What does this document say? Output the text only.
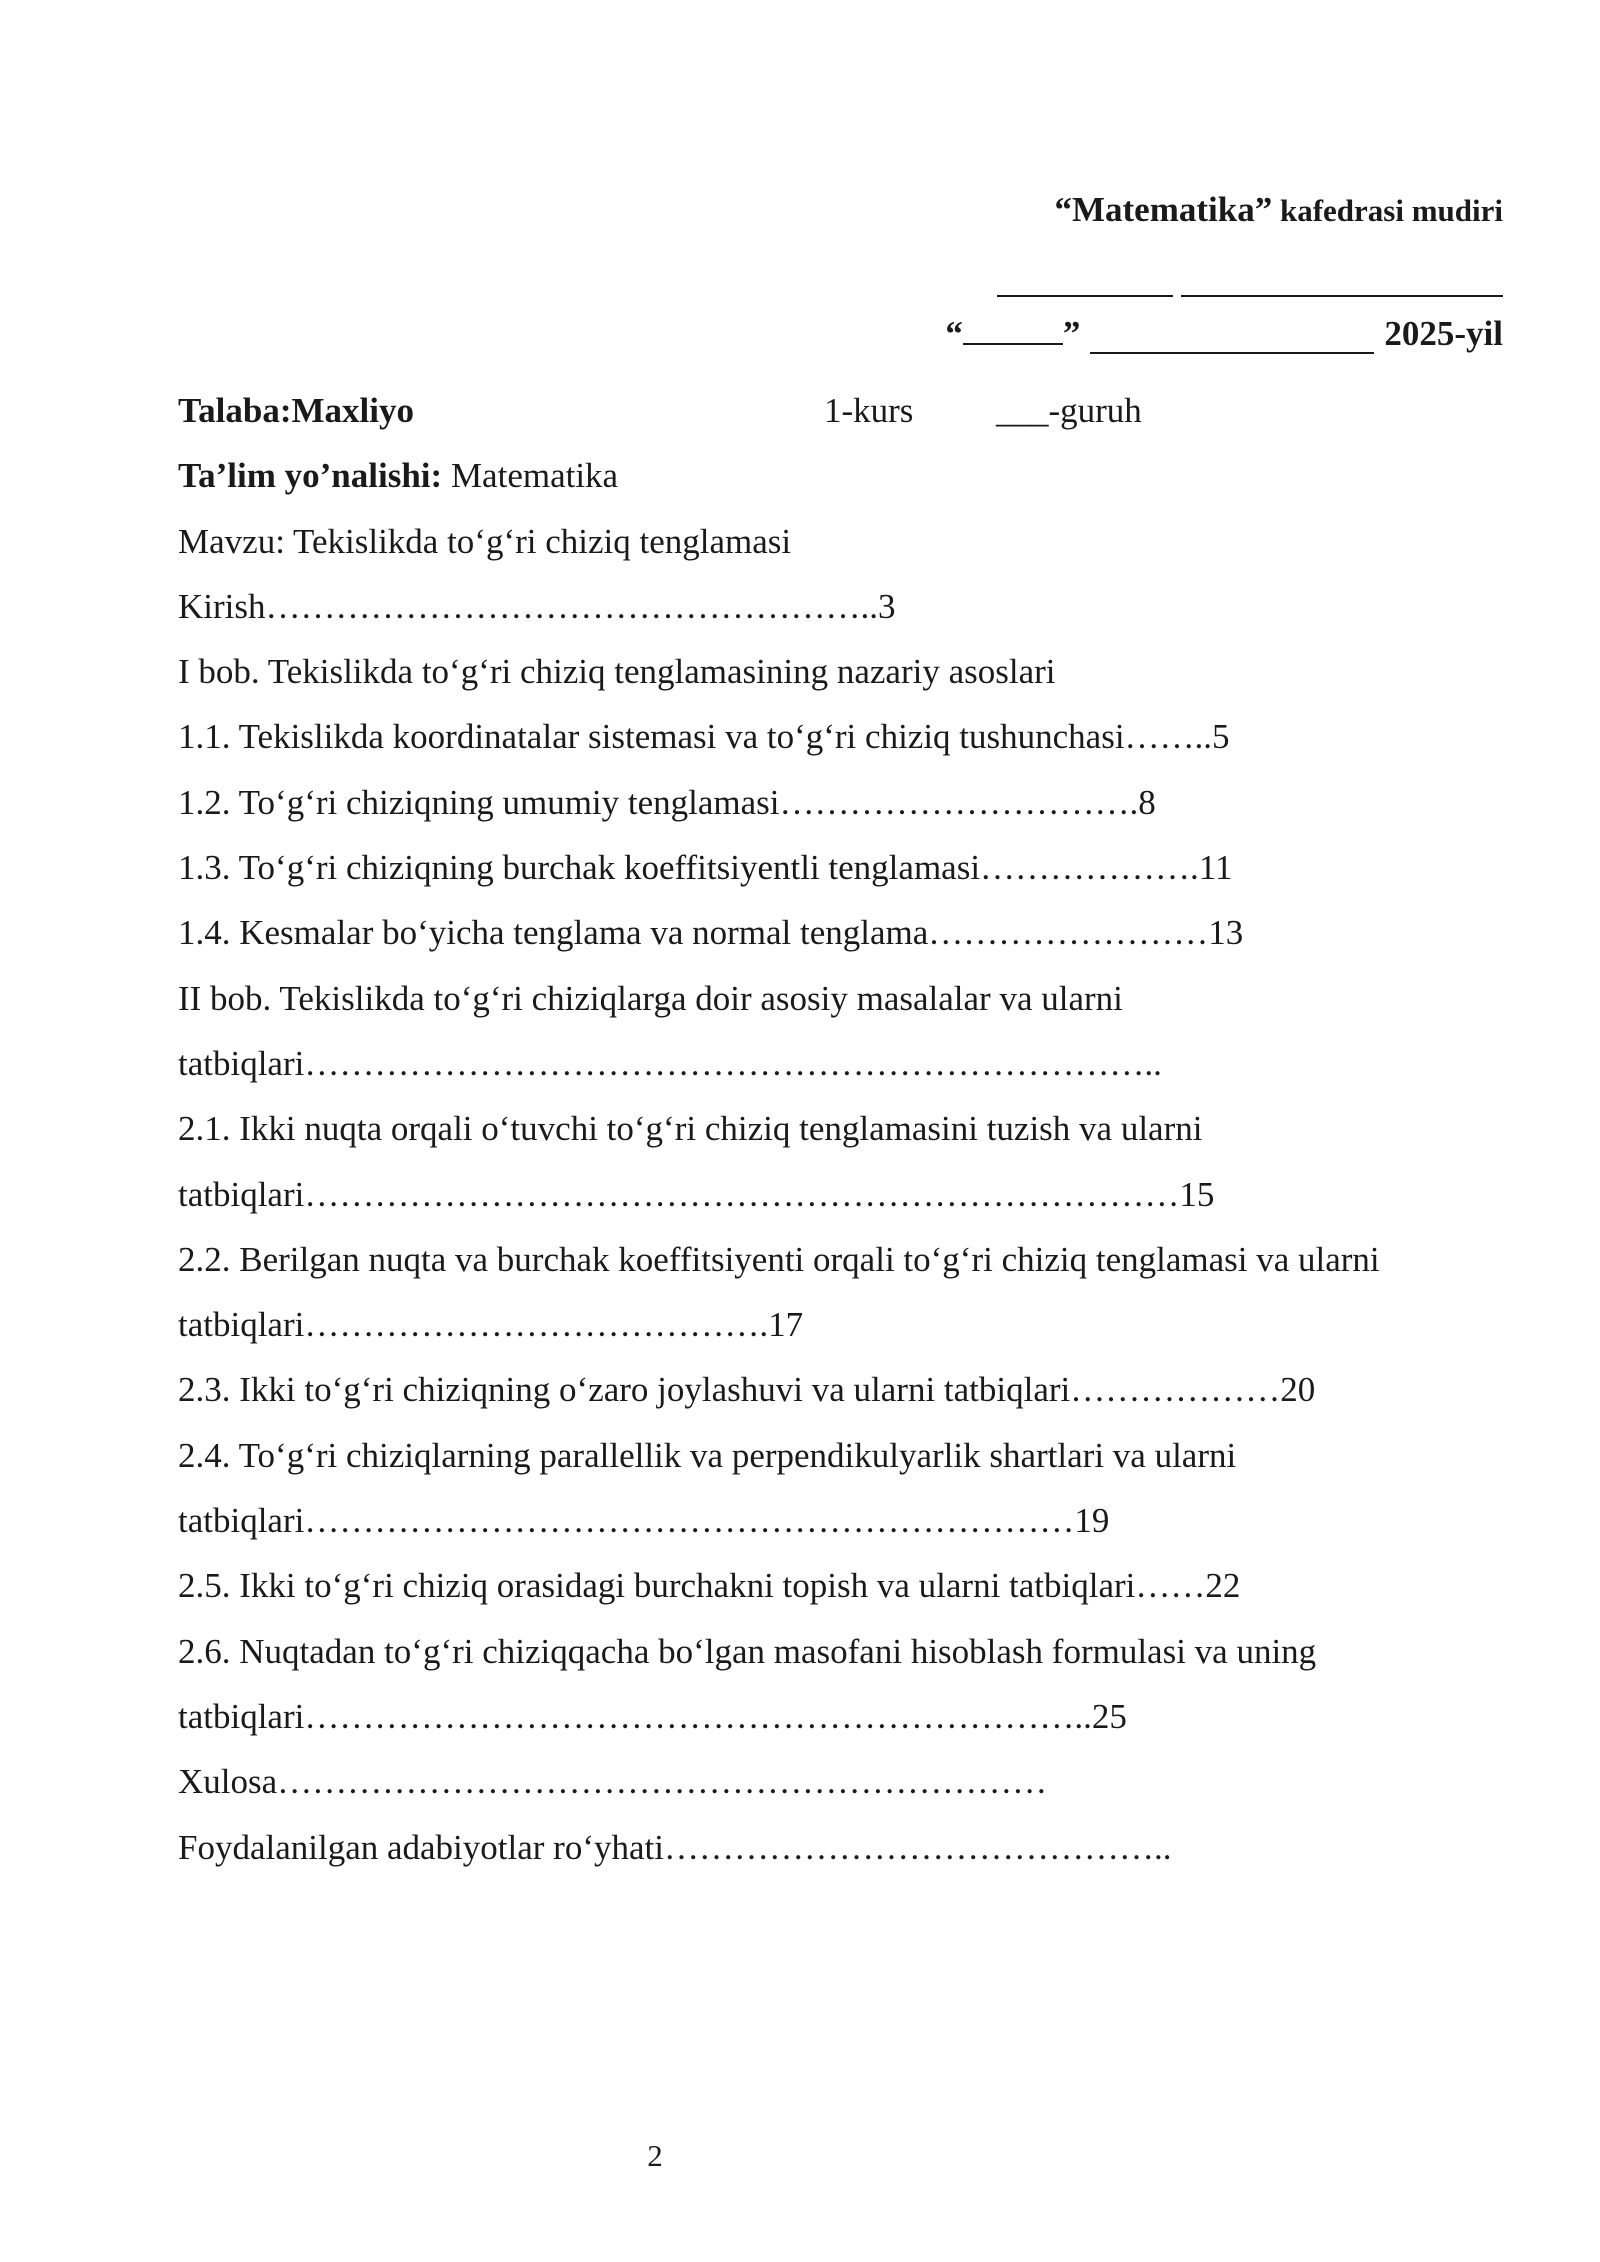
“Matematika” kafedrasi mudiri
“	”	2025-yil
Talaba:Maxliyo	1-kurs ___-guruh
Ta’lim yo’nalishi: Matematika
Mavzu: Tekislikda to‘g‘ri chiziq tenglamasi
Kirish……………………………………………..3
I bob. Tekislikda to‘g‘ri chiziq tenglamasining nazariy asoslari
1.1. Tekislikda koordinatalar sistemasi va to‘g‘ri chiziq tushunchasi……..5
1.2. To‘g‘ri chiziqning umumiy tenglamasi………………………….8
1.3. To‘g‘ri chiziqning burchak koeffitsiyentli tenglamasi……………….11
1.4. Kesmalar bo‘yicha tenglama va normal tenglama……………………13
II bob. Tekislikda to‘g‘ri chiziqlarga doir asosiy masalalar va ularni
tatbiqlari………………………………………………………………..
2.1. Ikki nuqta orqali o‘tuvchi to‘g‘ri chiziq tenglamasini tuzish va ularni
tatbiqlari…………………………………………………………………15
2.2. Berilgan nuqta va burchak koeffitsiyenti orqali to‘g‘ri chiziq tenglamasi va ularni
tatbiqlari………………………………….17
2.3. Ikki to‘g‘ri chiziqning o‘zaro joylashuvi va ularni tatbiqlari………………20
2.4. To‘g‘ri chiziqlarning parallellik va perpendikulyarlik shartlari va ularni
tatbiqlari…………………………………………………………19
2.5. Ikki to‘g‘ri chiziq orasidagi burchakni topish va ularni tatbiqlari……22
2.6. Nuqtadan to‘g‘ri chiziqqacha bo‘lgan masofani hisoblash formulasi va uning
tatbiqlari…………………………………………………………..25
Xulosa…………………………………………………………
Foydalanilgan adabiyotlar ro‘yhati……………………………………..
2
